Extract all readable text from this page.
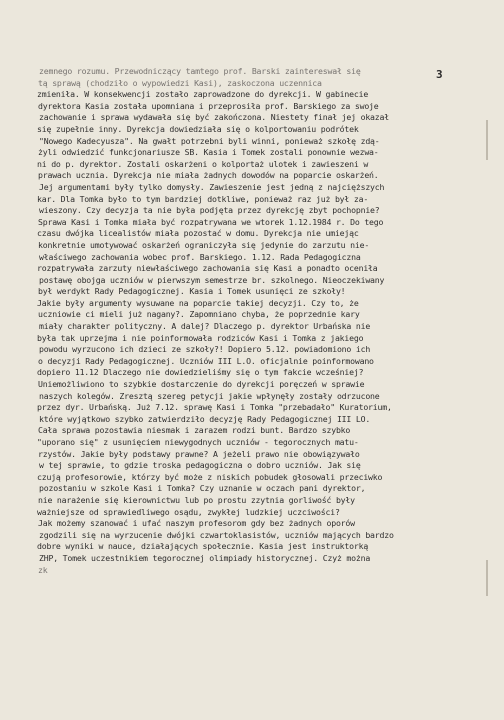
3
zemnego rozumu. Przewodniczący tamtego prof. Barski zaintereswał się
tą sprawą (chodziło o wypowiedzi Kasi), zaskoczona uczennica
zmieniła. W konsekwencji zostało zaprowadzone do dyrekcji. W gabinecie
dyrektora Kasia została upomniana i przeprosiła prof. Barskiego za swoje
zachowanie i sprawa wydawała się być zakończona. Niestety finał jej okazał
się zupełnie inny. Dyrekcja dowiedziała się o kolportowaniu podrótek
"Nowego Kadecyusza". Na gwałt potrzebni byli winni, ponieważ szkołę zdą-
żyli odwiedzić funkcjonariusze SB. Kasia i Tomek zostali ponownie wezwa-
ni do p. dyrektor. Zostali oskarżeni o kolportaż ulotek i zawieszeni w
prawach ucznia. Dyrekcja nie miała żadnych dowodów na poparcie oskarżeń.
Jej argumentami były tylko domysły. Zawieszenie jest jedną z najcięższych
kar. Dla Tomka było to tym bardziej dotkliwe, ponieważ raz już był za-
wieszony. Czy decyzja ta nie była podjęta przez dyrekcję zbyt pochopnie?
Sprawa Kasi i Tomka miała być rozpatrywana we wtorek 1.12.1984 r. Do tego
czasu dwójka licealistów miała pozostać w domu. Dyrekcja nie umiejąc
konkretnie umotywować oskarżeń ograniczyła się jedynie do zarzutu nie-
właściwego zachowania wobec prof. Barskiego. 1.12. Rada Pedagogiczna
rozpatrywała zarzuty niewłaściwego zachowania się Kasi a ponadto oceniła
postawę obojga uczniów w pierwszym semestrze br. szkolnego. Nieoczekiwany
był werdykt Rady Pedagogicznej. Kasia i Tomek usunięci ze szkoły!
Jakie były argumenty wysuwane na poparcie takiej decyzji. Czy to, że
uczniowie ci mieli już nagany?. Zapomniano chyba, że poprzednie kary
miały charakter polityczny. A dalej? Dlaczego p. dyrektor Urbańska nie
była tak uprzejma i nie poinformowała rodziców Kasi i Tomka z jakiego
powodu wyrzucono ich dzieci ze szkoły?! Dopiero 5.12. powiadomiono ich
o decyzji Rady Pedagogicznej. Uczniów III L.O. oficjalnie poinformowano
dopiero 11.12 Dlaczego nie dowiedzieliśmy się o tym fakcie wcześniej?
Uniemożliwiono to szybkie dostarczenie do dyrekcji poręczeń w sprawie
naszych kolegów. Zresztą szereg petycji jakie wpłynęły zostały odrzucone
przez dyr. Urbańską. Już 7.12. sprawę Kasi i Tomka "przebadało" Kuratorium,
które wyjątkowo szybko zatwierdziło decyzję Rady Pedagogicznej III LO.
Cała sprawa pozostawia niesmak i zarazem rodzi bunt. Bardzo szybko
"uporano się" z usunięciem niewygodnych uczniów - tegorocznych matu-
rzystów. Jakie były podstawy prawne? A jeżeli prawo nie obowiązywało
w tej sprawie, to gdzie troska pedagogiczna o dobro uczniów. Jak się
czują profesorowie, którzy być może z niskich pobudek głosowali przeciwko
pozostaniu w szkole Kasi i Tomka? Czy uznanie w oczach pani dyrektor,
nie narażenie się kierownictwu lub po prostu zzytnia gorliwość były
ważniejsze od sprawiedliwego osądu, zwykłej ludzkiej uczciwości?
Jak możemy szanować i ufać naszym profesorom gdy bez żadnych oporów
zgodzili się na wyrzucenie dwójki czwartoklasistów, uczniów mających bardzo
dobre wyniki w nauce, działających społecznie. Kasia jest instruktorką
ZHP, Tomek uczestnikiem tegorocznej olimpiady historycznej. Czyż można
zk
